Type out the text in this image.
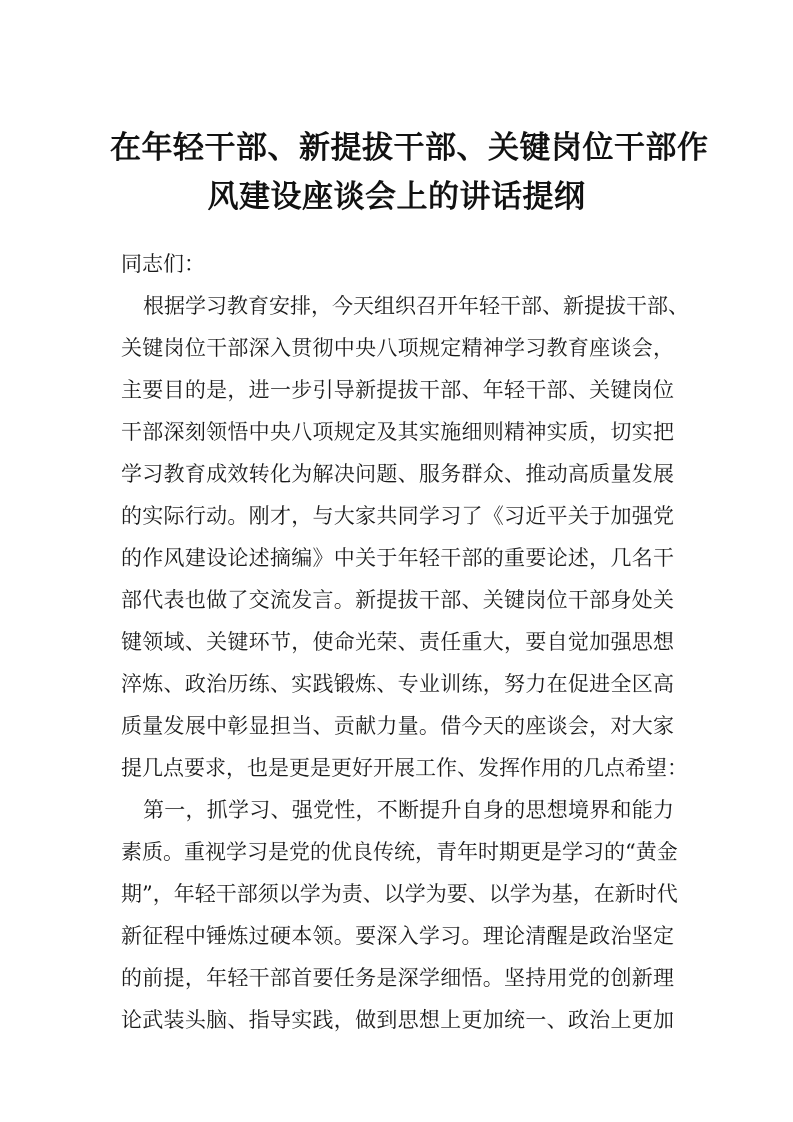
在年轻干部、新提拔干部、关键岗位干部作
风建设座谈会上的讲话提纲
同志们：
根据学习教育安排，今天组织召开年轻干部、新提拔干部、
关键岗位干部深入贯彻中央八项规定精神学习教育座谈会，
主要目的是，进一步引导新提拔干部、年轻干部、关键岗位
干部深刻领悟中央八项规定及其实施细则精神实质，切实把
学习教育成效转化为解决问题、服务群众、推动高质量发展
的实际行动。刚才，与大家共同学习了《习近平关于加强党
的作风建设论述摘编》中关于年轻干部的重要论述，几名干
部代表也做了交流发言。新提拔干部、关键岗位干部身处关
键领域、关键环节，使命光荣、责任重大，要自觉加强思想
淬炼、政治历练、实践锻炼、专业训练，努力在促进全区高
质量发展中彰显担当、贡献力量。借今天的座谈会，对大家
提几点要求，也是更是更好开展工作、发挥作用的几点希望：
第一，抓学习、强党性，不断提升自身的思想境界和能力
素质。重视学习是党的优良传统，青年时期更是学习的“黄金
期”，年轻干部须以学为责、以学为要、以学为基，在新时代
新征程中锤炼过硬本领。要深入学习。理论清醒是政治坚定
的前提，年轻干部首要任务是深学细悟。坚持用党的创新理
论武装头脑、指导实践，做到思想上更加统一、政治上更加
